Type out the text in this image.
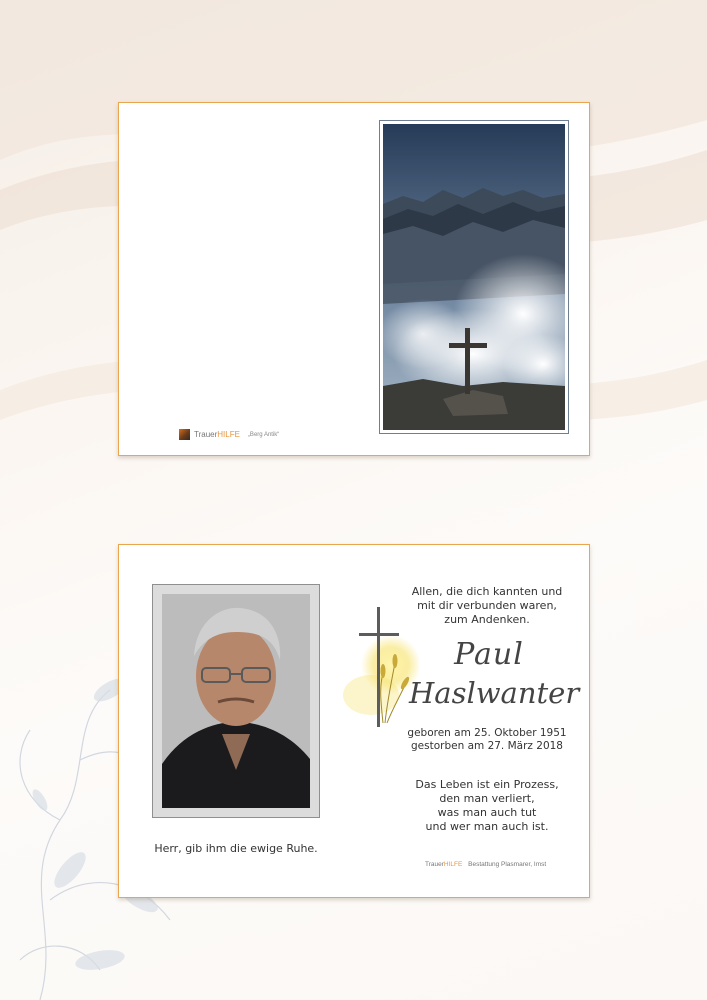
TrauerHILFE „Berg Antik“
Herr, gib ihm die ewige Ruhe.
Allen, die dich kannten und
mit dir verbunden waren,
zum Andenken.
Paul
Haslwanter
geboren am 25. Oktober 1951
gestorben am 27. März 2018
Das Leben ist ein Prozess,
den man verliert,
was man auch tut
und wer man auch ist.
TrauerHILFE Bestattung Plasmarer, Imst
